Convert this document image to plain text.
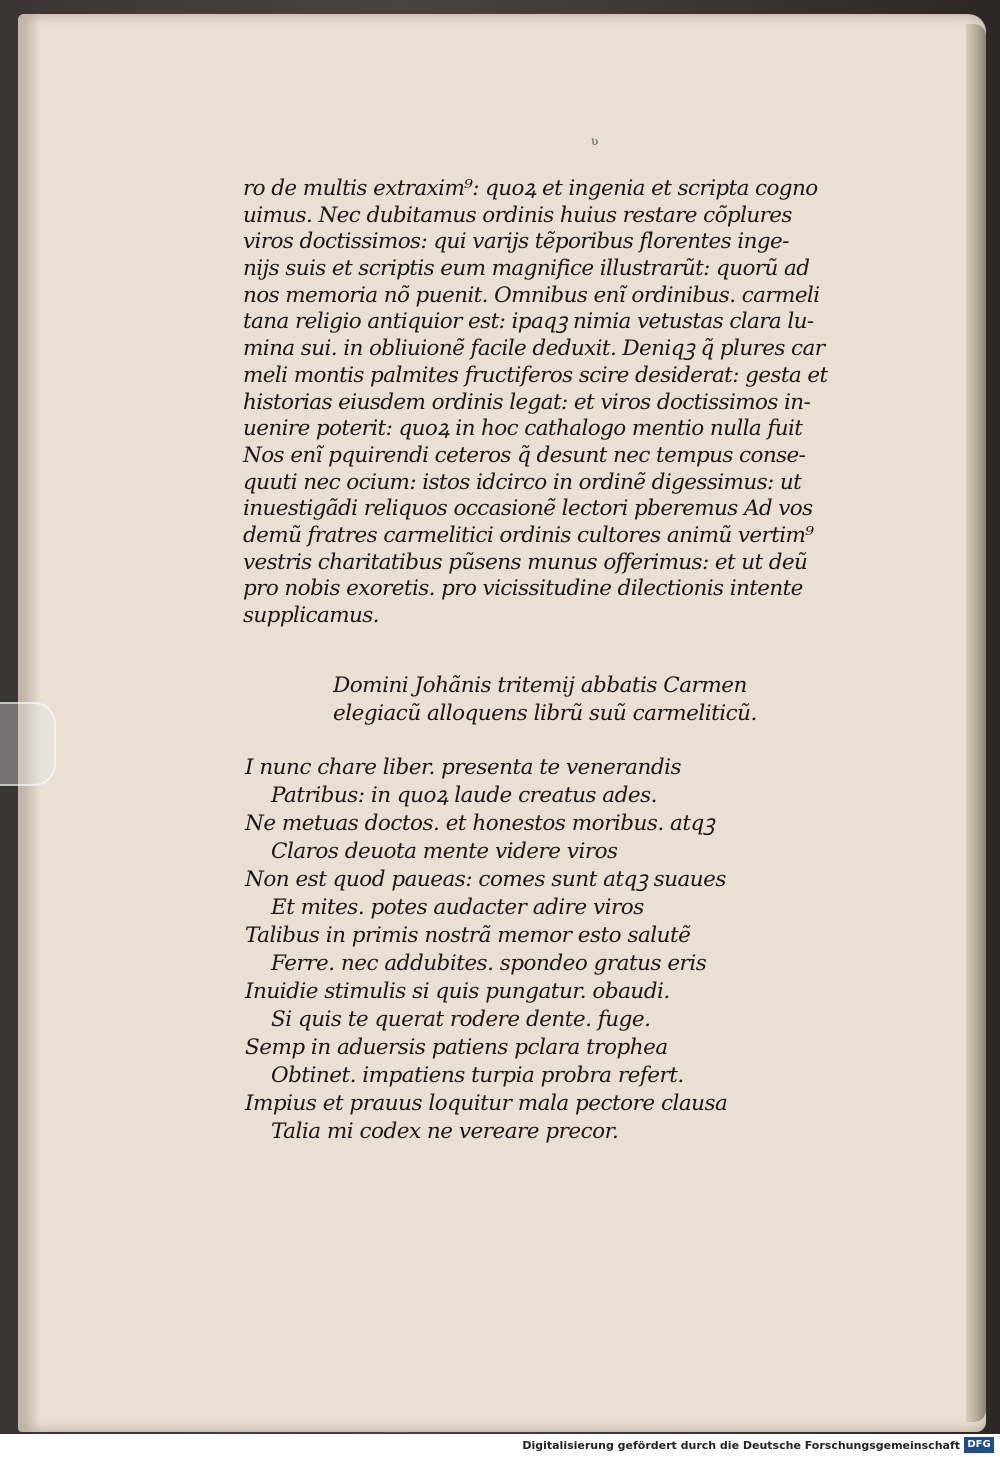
ʋ
ro de multis extraxim⁹: quoꝝ et ingenia et scripta cogno
uimus. Nec dubitamus ordinis huius restare cõplures
viros doctissimos: qui varijs tẽporibus florentes inge-
nijs suis et scriptis eum magnifice illustrarũt: quorũ ad
nos memoria nõ puenit. Omnibus enĩ ordinibus. carmeli
tana religio antiquior est: ipaqꝫ nimia vetustas clara lu-
mina sui. in obliuionẽ facile deduxit. Deniqꝫ q̃ plures car
meli montis palmites fructiferos scire desiderat: gesta et
historias eiusdem ordinis legat: et viros doctissimos in-
uenire poterit: quoꝝ in hoc cathalogo mentio nulla fuit
Nos enĩ pquirendi ceteros q̃ desunt nec tempus conse-
quuti nec ocium: istos idcirco in ordinẽ digessimus: ut
inuestigãdi reliquos occasionẽ lectori pberemus Ad vos
demũ fratres carmelitici ordinis cultores animũ vertim⁹
vestris charitatibus pũsens munus offerimus: et ut deũ
pro nobis exoretis. pro vicissitudine dilectionis intente
supplicamus.
Domini Johãnis tritemij abbatis Carmen
elegiacũ alloquens librũ suũ carmeliticũ.
I nunc chare liber. presenta te venerandis
Patribus: in quoꝝ laude creatus ades.
Ne metuas doctos. et honestos moribus. atqꝫ
Claros deuota mente videre viros
Non est quod paueas: comes sunt atqꝫ suaues
Et mites. potes audacter adire viros
Talibus in primis nostrã memor esto salutẽ
Ferre. nec addubites. spondeo gratus eris
Inuidie stimulis si quis pungatur. obaudi.
Si quis te querat rodere dente. fuge.
Semp in aduersis patiens pclara trophea
Obtinet. impatiens turpia probra refert.
Impius et prauus loquitur mala pectore clausa
Talia mi codex ne vereare precor.
Digitalisierung gefördert durch die Deutsche Forschungsgemeinschaft DFG
